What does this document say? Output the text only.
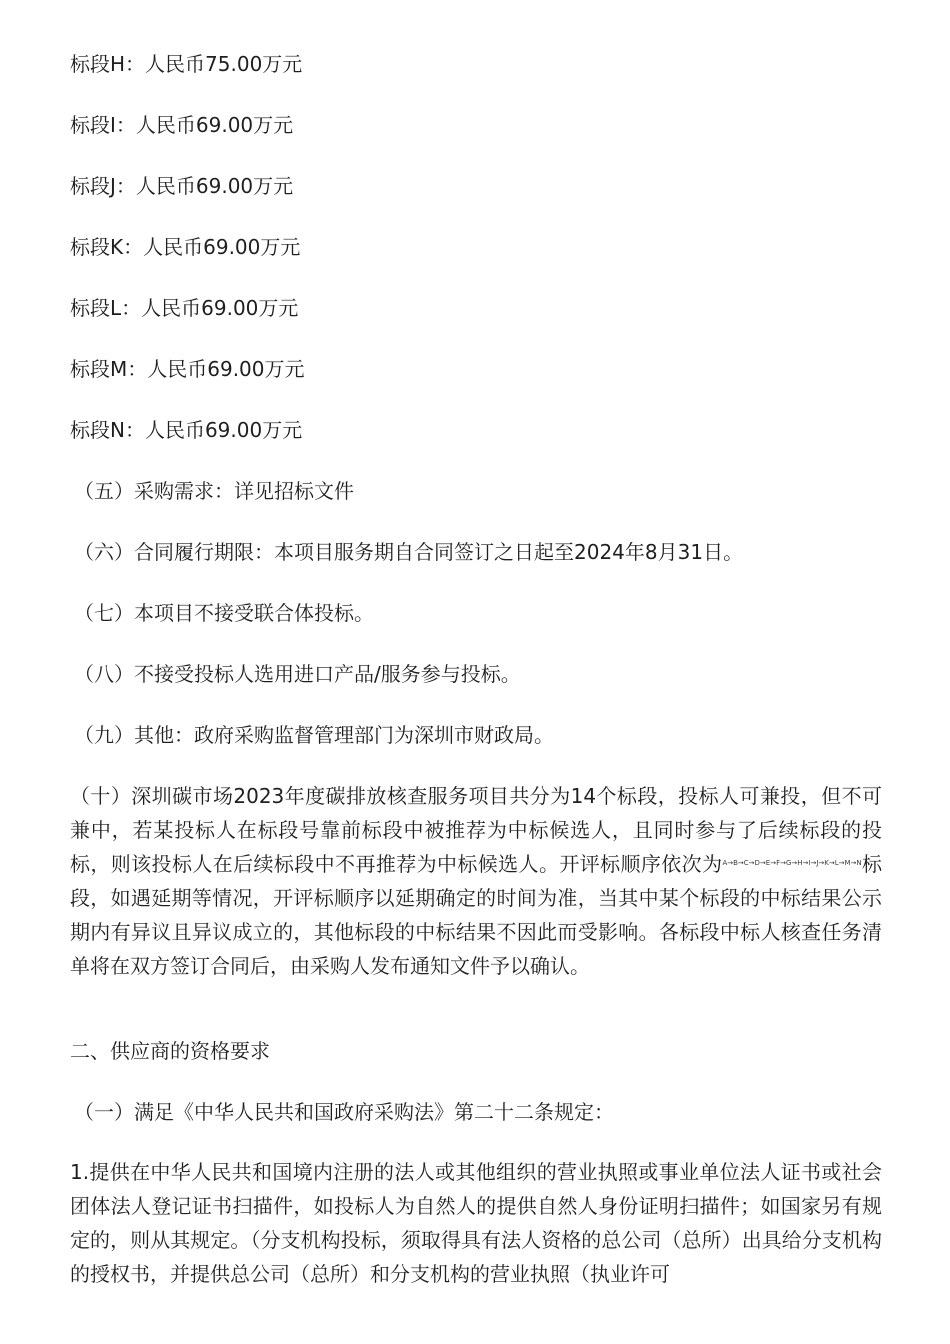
标段H：人民币75.00万元
标段I：人民币69.00万元
标段J：人民币69.00万元
标段K：人民币69.00万元
标段L：人民币69.00万元
标段M：人民币69.00万元
标段N：人民币69.00万元
（五）采购需求：详见招标文件
（六）合同履行期限：本项目服务期自合同签订之日起至2024年8月31日。
（七）本项目不接受联合体投标。
（八）不接受投标人选用进口产品/服务参与投标。
（九）其他：政府采购监督管理部门为深圳市财政局。
（十）深圳碳市场2023年度碳排放核查服务项目共分为14个标段，投标人可兼投，但不可兼中，若某投标人在标段号靠前标段中被推荐为中标候选人，且同时参与了后续标段的投标，则该投标人在后续标段中不再推荐为中标候选人。开评标顺序依次为A→B→C→D→E→F→G→H→I→J→K→L→M→N标段，如遇延期等情况，开评标顺序以延期确定的时间为准，当其中某个标段的中标结果公示期内有异议且异议成立的，其他标段的中标结果不因此而受影响。各标段中标人核查任务清单将在双方签订合同后，由采购人发布通知文件予以确认。
二、供应商的资格要求
（一）满足《中华人民共和国政府采购法》第二十二条规定：
1.提供在中华人民共和国境内注册的法人或其他组织的营业执照或事业单位法人证书或社会团体法人登记证书扫描件，如投标人为自然人的提供自然人身份证明扫描件；如国家另有规定的，则从其规定。（分支机构投标，须取得具有法人资格的总公司（总所）出具给分支机构的授权书，并提供总公司（总所）和分支机构的营业执照（执业许可
